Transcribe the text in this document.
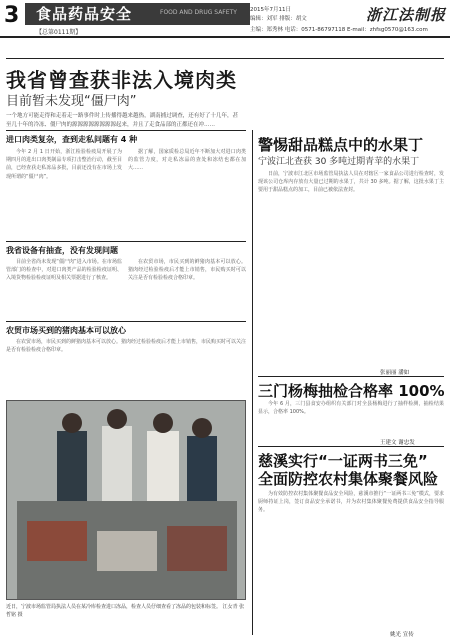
3 食品药品安全	FOOD AND DRUG SAFETY
【总第0111期】
2015年7月11日
编辑：刘军 排版：胡文
主编：郑秀林 电话：0571-86797118 E-mail：zhfsg0570@163.com
浙江法制报
我省曾查获非法入境肉类
目前暂未发现“僵尸肉”
一个地方可能走得和走着走一路事件时上传播得越来越热，湖南捕过调查，还有好了十几年，甚至几十年的冷冻、僵尸肉的源源源源源源源源起来，并且了走食品部的正都还在冲……
进口肉类复杂，查到走私问题有 4 种

今年 2 月 1 日开始，浙江检验检疫局开展了为期四月的进出口肉类制品专项打击整治行动，截至目前，已经查获走私冻品多批，目前还没有在市场上发现所谓的“僵尸肉”。

据了解，国家质检总局近年不断加大对进口肉类的监管力度，对走私冻品的查处和冻结也都在加大……

我省设备有抽查，没有发现问题

目前全省尚未发现“僵尸肉”进入市场。在市场监管部门的检查中，对进口肉类产品的检验检疫证明、入境货物检验检疫证明及相关票据进行了核查。

在农贸市场，市民买到的鲜猪肉基本可以放心。猪肉经过检验检疫后才能上市销售，市民购买时可以关注是否有检验检疫合格印章。

农贸市场买到的猪肉基本可以放心

在农贸市场，市民买到的鲜猪肉基本可以放心。猪肉经过检验检疫后才能上市销售，市民购买时可以关注是否有检验检疫合格印章。

近日，宁波市场监管局执法人员在某冷库检查进口冻品，检查人员仔细查看了冻品的包装和标签。 江女青 张哲铭 摄
警惕甜品糕点中的水果丁
宁波江北查获 30 多吨过期青苹的水果丁

日前，宁波市江北区市场监管局执法人员在对辖区一家食品公司进行检查时，发现该公司仓库内存放有大量已过期的水果丁，共计 30 多吨。据了解，这批水果丁主要用于甜品糕点的加工，目前已被依法查封。

张丽丽 潘如
三门杨梅抽检合格率 100%

今年 6 月，三门县食安办组织有关部门对全县杨梅进行了抽样检测，抽检结果显示，合格率 100%。

王建文 谢忠发
慈溪实行“一证两书三免”
全面防控农村集体聚餐风险

为有效防控农村集体聚餐食品安全风险，慈溪市推行“一证两书三免”模式，要求厨师持证上岗，签订食品安全承诺书，并为农村集体聚餐免费提供食品安全指导服务。

姚光 宣传
